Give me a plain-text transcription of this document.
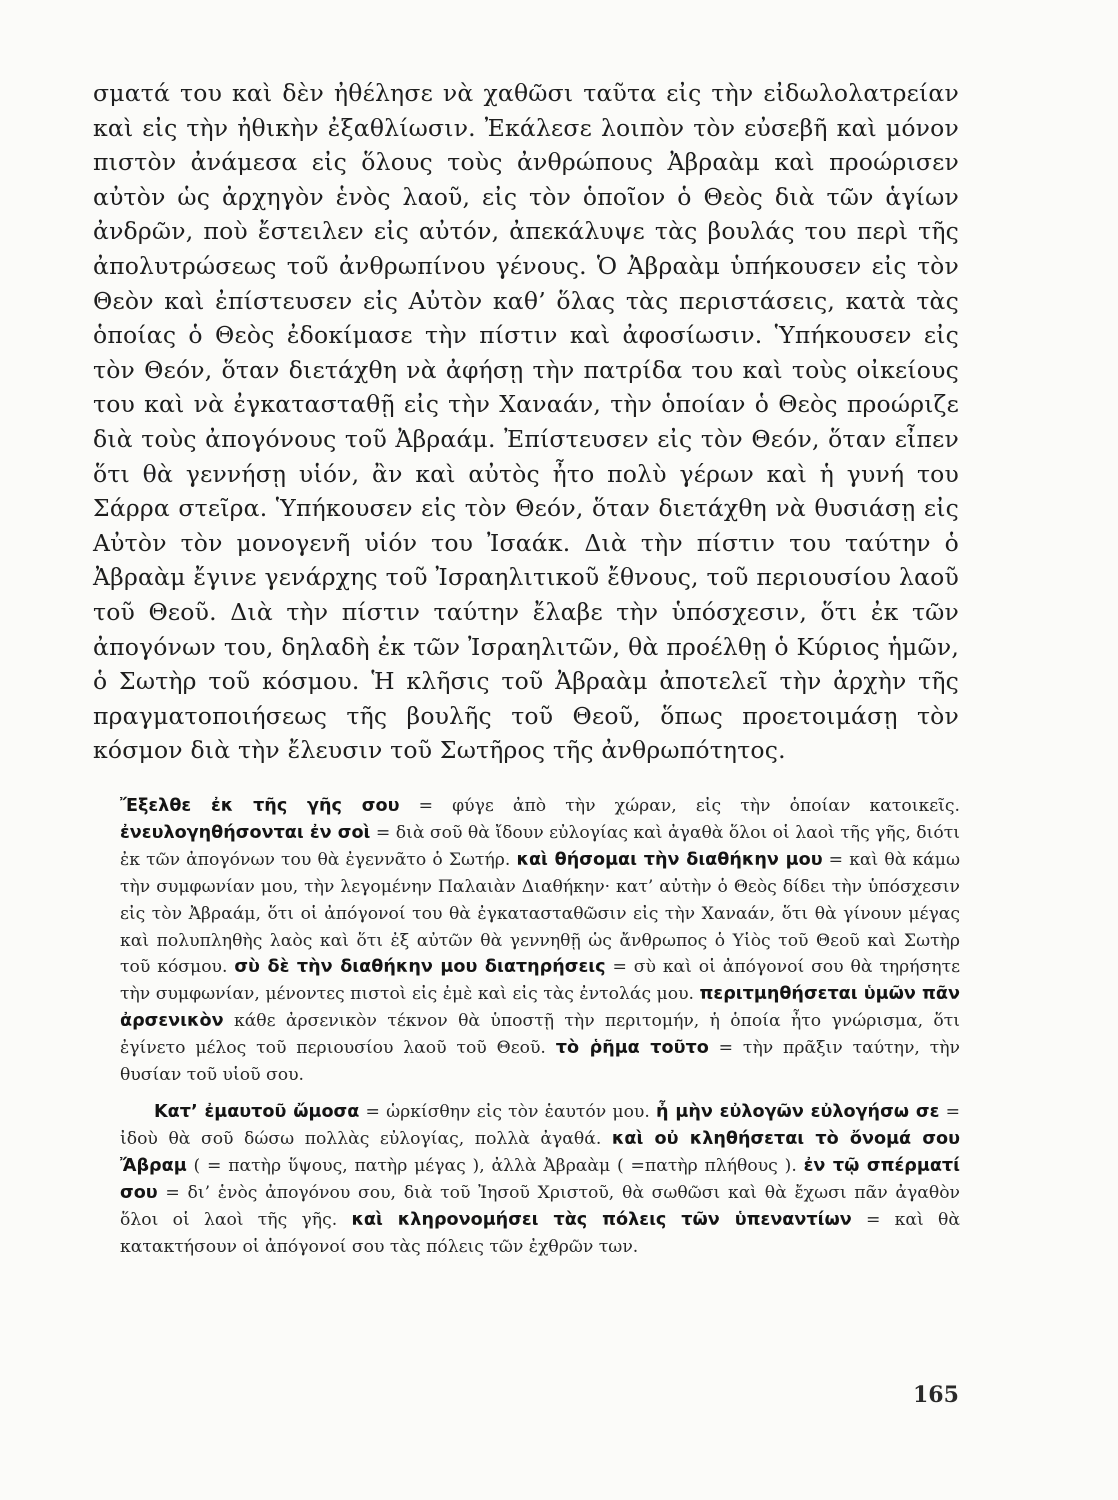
σματά του καὶ δὲν ἠθέλησε νὰ χαθῶσι ταῦτα εἰς τὴν εἰδωλολατρείαν καὶ εἰς τὴν ἠθικὴν ἐξαθλίωσιν. Ἐκάλεσε λοιπὸν τὸν εὐσεβῆ καὶ μόνον πιστὸν ἀνάμεσα εἰς ὅλους τοὺς ἀνθρώπους Ἀβραὰμ καὶ προώρισεν αὐτὸν ὡς ἀρχηγὸν ἑνὸς λαοῦ, εἰς τὸν ὁποῖον ὁ Θεὸς διὰ τῶν ἁγίων ἀνδρῶν, ποὺ ἔστειλεν εἰς αὐτόν, ἀπεκάλυψε τὰς βουλάς του περὶ τῆς ἀπολυτρώσεως τοῦ ἀνθρωπίνου γένους. Ὁ Ἀβραὰμ ὑπήκουσεν εἰς τὸν Θεὸν καὶ ἐπίστευσεν εἰς Αὐτὸν καθ’ ὅλας τὰς περιστάσεις, κατὰ τὰς ὁποίας ὁ Θεὸς ἐδοκίμασε τὴν πίστιν καὶ ἀφοσίωσιν. Ὑπήκουσεν εἰς τὸν Θεόν, ὅταν διετάχθη νὰ ἀφήσῃ τὴν πατρίδα του καὶ τοὺς οἰκείους του καὶ νὰ ἐγκατασταθῇ εἰς τὴν Χαναάν, τὴν ὁποίαν ὁ Θεὸς προώριζε διὰ τοὺς ἀπογόνους τοῦ Ἀβραάμ. Ἐπίστευσεν εἰς τὸν Θεόν, ὅταν εἶπεν ὅτι θὰ γεννήσῃ υἱόν, ἂν καὶ αὐτὸς ἦτο πολὺ γέρων καὶ ἡ γυνή του Σάρρα στεῖρα. Ὑπήκουσεν εἰς τὸν Θεόν, ὅταν διετάχθη νὰ θυσιάσῃ εἰς Αὐτὸν τὸν μονογενῆ υἱόν του Ἰσαάκ. Διὰ τὴν πίστιν του ταύτην ὁ Ἀβραὰμ ἔγινε γενάρχης τοῦ Ἰσραηλιτικοῦ ἔθνους, τοῦ περιουσίου λαοῦ τοῦ Θεοῦ. Διὰ τὴν πίστιν ταύτην ἔλαβε τὴν ὑπόσχεσιν, ὅτι ἐκ τῶν ἀπογόνων του, δηλαδὴ ἐκ τῶν Ἰσραηλιτῶν, θὰ προέλθῃ ὁ Κύριος ἡμῶν, ὁ Σωτὴρ τοῦ κόσμου. Ἡ κλῆσις τοῦ Ἀβραὰμ ἀποτελεῖ τὴν ἀρχὴν τῆς πραγματοποιήσεως τῆς βουλῆς τοῦ Θεοῦ, ὅπως προετοιμάσῃ τὸν κόσμον διὰ τὴν ἔλευσιν τοῦ Σωτῆρος τῆς ἀνθρωπότητος.

Ἔξελθε ἐκ τῆς γῆς σου = φύγε ἀπὸ τὴν χώραν, εἰς τὴν ὁποίαν κατοικεῖς. ἐνευλογηθήσονται ἐν σοὶ = διὰ σοῦ θὰ ἴδουν εὐλογίας καὶ ἀγαθὰ ὅλοι οἱ λαοὶ τῆς γῆς, διότι ἐκ τῶν ἀπογόνων του θὰ ἐγεννᾶτο ὁ Σωτήρ. καὶ θήσομαι τὴν διαθήκην μου = καὶ θὰ κάμω τὴν συμφωνίαν μου, τὴν λεγομένην Παλαιὰν Διαθήκην· κατ’ αὐτὴν ὁ Θεὸς δίδει τὴν ὑπόσχεσιν εἰς τὸν Ἀβραάμ, ὅτι οἱ ἀπόγονοί του θὰ ἐγκατασταθῶσιν εἰς τὴν Χαναάν, ὅτι θὰ γίνουν μέγας καὶ πολυπληθὴς λαὸς καὶ ὅτι ἐξ αὐτῶν θὰ γεννηθῇ ὡς ἄνθρωπος ὁ Υἱὸς τοῦ Θεοῦ καὶ Σωτὴρ τοῦ κόσμου. σὺ δὲ τὴν διαθήκην μου διατηρήσεις = σὺ καὶ οἱ ἀπόγονοί σου θὰ τηρήσητε τὴν συμφωνίαν, μένοντες πιστοὶ εἰς ἐμὲ καὶ εἰς τὰς ἐντολάς μου. περιτμηθήσεται ὑμῶν πᾶν ἀρσενικὸν κάθε ἀρσενικὸν τέκνον θὰ ὑποστῇ τὴν περιτομήν, ἡ ὁποία ἦτο γνώρισμα, ὅτι ἐγίνετο μέλος τοῦ περιουσίου λαοῦ τοῦ Θεοῦ. τὸ ῥῆμα τοῦτο = τὴν πρᾶξιν ταύτην, τὴν θυσίαν τοῦ υἱοῦ σου.

Κατ’ ἐμαυτοῦ ὤμοσα = ὡρκίσθην εἰς τὸν ἑαυτόν μου. ἦ μὴν εὐλογῶν εὐλογήσω σε = ἰδοὺ θὰ σοῦ δώσω πολλὰς εὐλογίας, πολλὰ ἀγαθά. καὶ οὐ κληθήσεται τὸ ὄνομά σου Ἄβραμ ( = πατὴρ ὕψους, πατὴρ μέγας ), ἀλλὰ Ἀβραὰμ ( =πατὴρ πλήθους ). ἐν τῷ σπέρματί σου = δι’ ἑνὸς ἀπογόνου σου, διὰ τοῦ Ἰησοῦ Χριστοῦ, θὰ σωθῶσι καὶ θὰ ἔχωσι πᾶν ἀγαθὸν ὅλοι οἱ λαοὶ τῆς γῆς. καὶ κληρονομήσει τὰς πόλεις τῶν ὑπεναντίων = καὶ θὰ κατακτήσουν οἱ ἀπόγονοί σου τὰς πόλεις τῶν ἐχθρῶν των.

165
